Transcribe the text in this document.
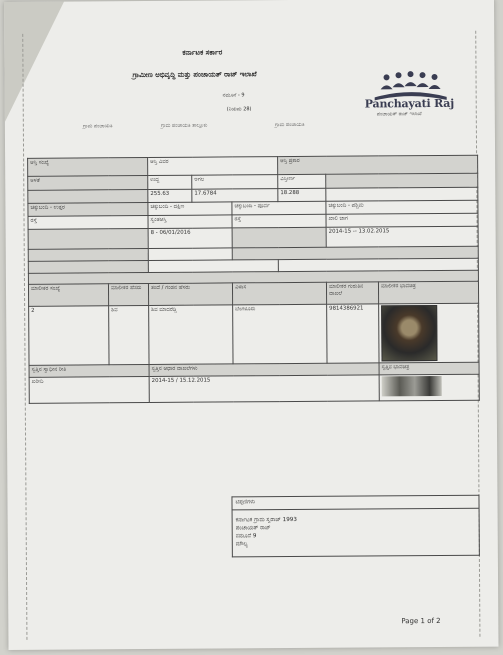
ಕರ್ನಾಟಕ ಸರ್ಕಾರ
ಗ್ರಾಮೀಣ ಅಭಿವೃದ್ಧಿ ಮತ್ತು ಪಂಚಾಯತ್ ರಾಜ್ ಇಲಾಖೆ
ನಮೂನೆ - 9
(ನಿಯಮ 28)
ಗ್ರಾಮ ಪಂಚಾಯತಿ	ಗ್ರಾಮ ಪಂಚಾಯತಿ ತಾಲ್ಲೂಕು	ಗ್ರಾಮ ಪಂಚಾಯತಿ
Panchayati Raj
ಪಂಚಾಯತ್ ರಾಜ್ ಇಲಾಖೆ
ಆಸ್ತಿ ಸಂಖ್ಯೆ		ಆಸ್ತಿ ವಿವರ			ಆಸ್ತಿ ಪ್ರಕಾರ		
ಅಳತೆ		ಉದ್ದ	ಅಗಲ		ವಿಸ್ತೀರ್ಣ		
		255.63	17.6784		18.288		
ಚಕ್ಕುಬಂದಿ - ಉತ್ತರ		ಚಕ್ಕುಬಂದಿ - ದಕ್ಷಿಣ		ಚಕ್ಕುಬಂದಿ - ಪೂರ್ವ		ಚಕ್ಕುಬಂದಿ - ಪಶ್ಚಿಮ	
ರಸ್ತೆ		ಸ್ವಂತಆಸ್ತಿ		ರಸ್ತೆ		ಖಾಲಿ ಜಾಗ	
		8 - 06/01/2016				2014-15 -- 13.02.2015	

ಮಾಲೀಕರ ಸಂಖ್ಯೆ	ಮಾಲೀಕರ ಹೆಸರು	ತಂದೆ / ಗಂಡನ ಹೆಸರು		ವಿಳಾಸ		ಮಾಲೀಕರ ಗುರುತಿನ ದಾಖಲೆ	ಮಾಲೀಕರ ಭಾವಚಿತ್ರ
2	ಶಿವ	ಶಿವ ಮಾದರೆಡ್ಡಿ		ಬೆಂಗಳೂರು		9814386921	

ಸ್ವತ್ತಿನ ಸ್ವಾಧೀನ ರೀತಿ		ಸ್ವತ್ತಿನ ಆಧಾರ ದಾಖಲೆಗಳು					ಸ್ವತ್ತಿನ ಭಾವಚಿತ್ರ
ಖರೀದಿ		2014-15 / 15.12.2015					
ಟಿಪ್ಪಣಿಗಳು

ಕರ್ನಾಟಕ ಗ್ರಾಮ ಸ್ವರಾಜ್ 1993
ಪಂಚಾಯತ್ ರಾಜ್
ನಮೂನೆ 9
ಮೌಲ್ಯ
Page 1 of 2
